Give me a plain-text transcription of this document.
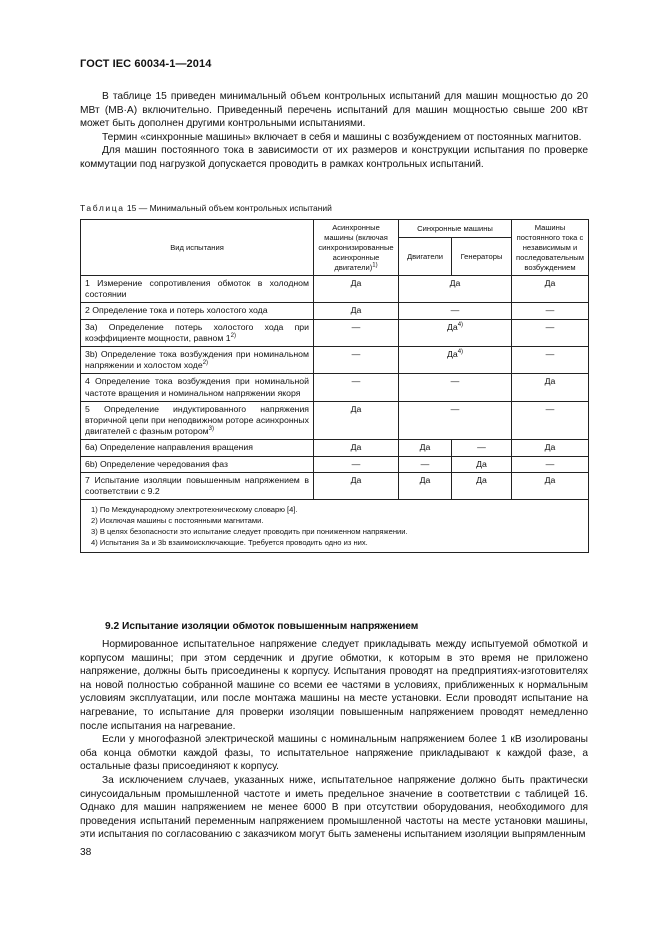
ГОСТ IEC 60034-1—2014

В таблице 15 приведен минимальный объем контрольных испытаний для машин мощностью до 20 МВт (МВ·А) включительно. Приведенный перечень испытаний для машин мощностью свыше 200 кВт может быть дополнен другими контрольными испытаниями.

Термин «синхронные машины» включает в себя и машины с возбуждением от постоянных магнитов.

Для машин постоянного тока в зависимости от их размеров и конструкции испытания по проверке коммутации под нагрузкой допускается проводить в рамках контрольных испытаний.

Таблица 15 — Минимальный объем контрольных испытаний
Вид испытания	Асинхронные машины (включая синхронизированные асинхронные двигатели)$^{1)}$	Синхронные машины		Машины постоянного тока с независимым и последовательным возбуждением
		Двигатели	Генераторы	
1 Измерение сопротивления обмоток в холодном состоянии	Да	Да		Да
2 Определение тока и потерь холостого хода	Да	—		—
3a) Определение потерь холостого хода при коэффициенте мощности, равном 1$^{2)}$	—	$Да^{4)}$		—
3b) Определение тока возбуждения при номинальном напряжении и холостом ходе$^{2)}$	—	$Да^{4)}$		—
4 Определение тока возбуждения при номинальной частоте вращения и номинальном напряжении якоря	—	—		Да
5 Определение индуктированного напряжения вторичной цепи при неподвижном роторе асинхронных двигателей с фазным ротором$^{3)}$	Да	—		—
6a) Определение направления вращения	Да	Да	—	Да
6b) Определение чередования фаз	—	—	Да	—
7 Испытание изоляции повышенным напряжением в соответствии с 9.2	Да	Да	Да	Да

1) По Международному электротехническому словарю [4].
2) Исключая машины с постоянными магнитами.
3) В целях безопасности это испытание следует проводить при пониженном напряжении.
4) Испытания 3a и 3b взаимоисключающие. Требуется проводить одно из них.				
9.2 Испытание изоляции обмоток повышенным напряжением

Нормированное испытательное напряжение следует прикладывать между испытуемой обмоткой и корпусом машины; при этом сердечник и другие обмотки, к которым в это время не приложено напряжение, должны быть присоединены к корпусу. Испытания проводят на предприятиях-изготовителях на новой полностью собранной машине со всеми ее частями в условиях, приближенных к нормальным условиям эксплуатации, или после монтажа машины на месте установки. Если проводят испытание на нагревание, то испытание для проверки изоляции повышенным напряжением проводят немедленно после испытания на нагревание.

Если у многофазной электрической машины с номинальным напряжением более 1 кВ изолированы оба конца обмотки каждой фазы, то испытательное напряжение прикладывают к каждой фазе, а остальные фазы присоединяют к корпусу.

За исключением случаев, указанных ниже, испытательное напряжение должно быть практически синусоидальным промышленной частоте и иметь предельное значение в соответствии с таблицей 16. Однако для машин напряжением не менее 6000 В при отсутствии оборудования, необходимого для проведения испытаний переменным напряжением промышленной частоты на месте установки машины, эти испытания по согласованию с заказчиком могут быть заменены испытанием изоляции выпрямленным

38
